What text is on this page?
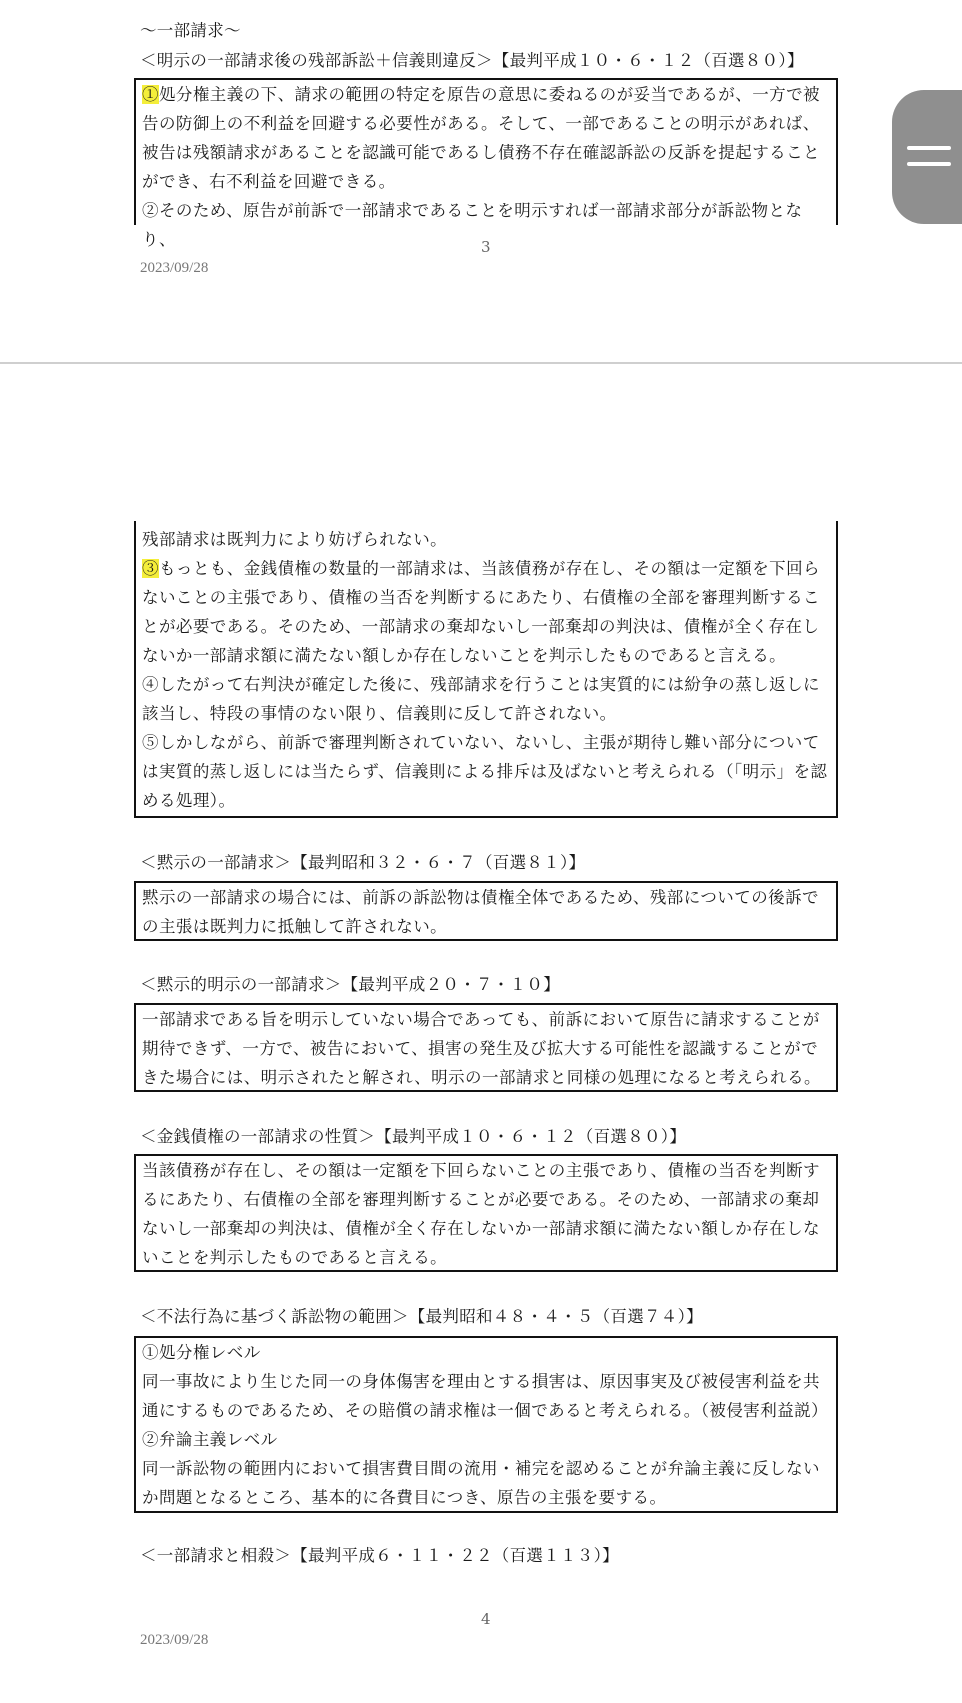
〜一部請求〜
＜明示の一部請求後の残部訴訟＋信義則違反＞【最判平成１０・６・１２（百選８０）】

①処分権主義の下、請求の範囲の特定を原告の意思に委ねるのが妥当であるが、一方で被告の防御上の不利益を回避する必要性がある。そして、一部であることの明示があれば、被告は残額請求があることを認識可能であるし債務不存在確認訴訟の反訴を提起することができ、右不利益を回避できる。

②そのため、原告が前訴で一部請求であることを明示すれば一部請求部分が訴訟物となり、	3
2023/09/28

残部請求は既判力により妨げられない。

③もっとも、金銭債権の数量的一部請求は、当該債務が存在し、その額は一定額を下回らないことの主張であり、債権の当否を判断するにあたり、右債権の全部を審理判断することが必要である。そのため、一部請求の棄却ないし一部棄却の判決は、債権が全く存在しないか一部請求額に満たない額しか存在しないことを判示したものであると言える。

④したがって右判決が確定した後に、残部請求を行うことは実質的には紛争の蒸し返しに該当し、特段の事情のない限り、信義則に反して許されない。

⑤しかしながら、前訴で審理判断されていない、ないし、主張が期待し難い部分については実質的蒸し返しには当たらず、信義則による排斥は及ばないと考えられる（「明示」を認める処理）。

＜黙示の一部請求＞【最判昭和３２・６・７（百選８１）】

黙示の一部請求の場合には、前訴の訴訟物は債権全体であるため、残部についての後訴での主張は既判力に抵触して許されない。

＜黙示的明示の一部請求＞【最判平成２０・７・１０】

一部請求である旨を明示していない場合であっても、前訴において原告に請求することが期待できず、一方で、被告において、損害の発生及び拡大する可能性を認識することができた場合には、明示されたと解され、明示の一部請求と同様の処理になると考えられる。

＜金銭債権の一部請求の性質＞【最判平成１０・６・１２（百選８０）】

当該債務が存在し、その額は一定額を下回らないことの主張であり、債権の当否を判断するにあたり、右債権の全部を審理判断することが必要である。そのため、一部請求の棄却ないし一部棄却の判決は、債権が全く存在しないか一部請求額に満たない額しか存在しないことを判示したものであると言える。

＜不法行為に基づく訴訟物の範囲＞【最判昭和４８・４・５（百選７４）】

①処分権レベル

同一事故により生じた同一の身体傷害を理由とする損害は、原因事実及び被侵害利益を共通にするものであるため、その賠償の請求権は一個であると考えられる。（被侵害利益説）

②弁論主義レベル

同一訴訟物の範囲内において損害費目間の流用・補完を認めることが弁論主義に反しないか問題となるところ、基本的に各費目につき、原告の主張を要する。

＜一部請求と相殺＞【最判平成６・１１・２２（百選１１３）】
4
2023/09/28
